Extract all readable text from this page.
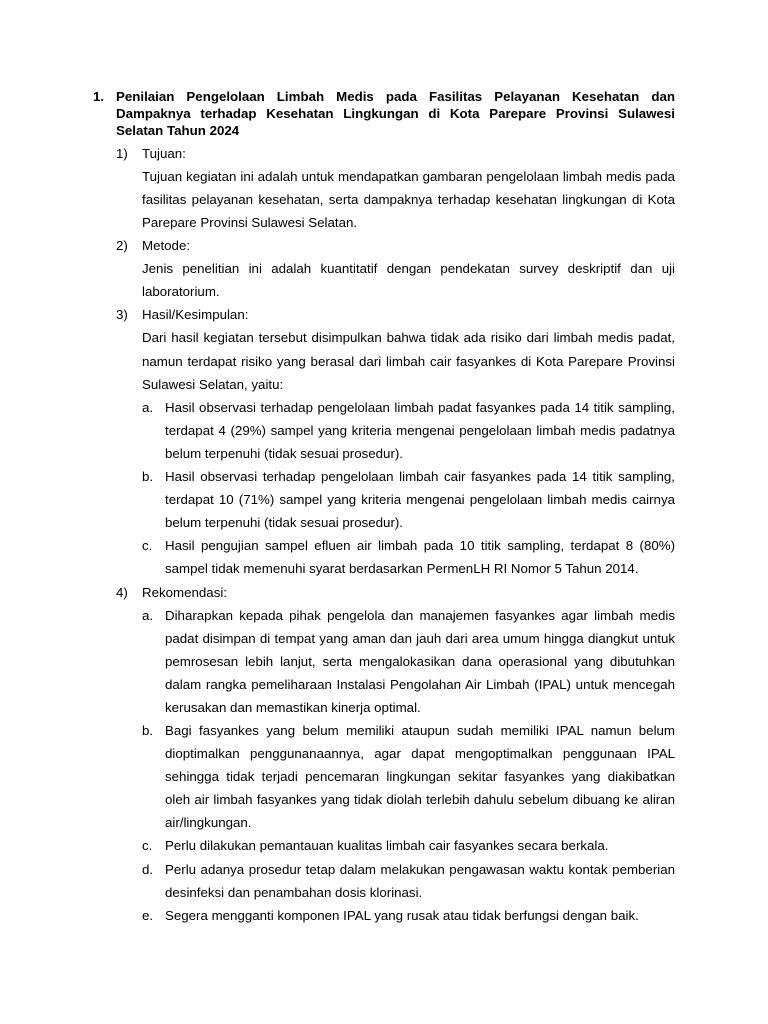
1. Penilaian Pengelolaan Limbah Medis pada Fasilitas Pelayanan Kesehatan dan Dampaknya terhadap Kesehatan Lingkungan di Kota Parepare Provinsi Sulawesi Selatan Tahun 2024
1) Tujuan:
Tujuan kegiatan ini adalah untuk mendapatkan gambaran pengelolaan limbah medis pada fasilitas pelayanan kesehatan, serta dampaknya terhadap kesehatan lingkungan di Kota Parepare Provinsi Sulawesi Selatan.
2) Metode:
Jenis penelitian ini adalah kuantitatif dengan pendekatan survey deskriptif dan uji laboratorium.
3) Hasil/Kesimpulan:
Dari hasil kegiatan tersebut disimpulkan bahwa tidak ada risiko dari limbah medis padat, namun terdapat risiko yang berasal dari limbah cair fasyankes di Kota Parepare Provinsi Sulawesi Selatan, yaitu:
a. Hasil observasi terhadap pengelolaan limbah padat fasyankes pada 14 titik sampling, terdapat 4 (29%) sampel yang kriteria mengenai pengelolaan limbah medis padatnya belum terpenuhi (tidak sesuai prosedur).
b. Hasil observasi terhadap pengelolaan limbah cair fasyankes pada 14 titik sampling, terdapat 10 (71%) sampel yang kriteria mengenai pengelolaan limbah medis cairnya belum terpenuhi (tidak sesuai prosedur).
c. Hasil pengujian sampel efluen air limbah pada 10 titik sampling, terdapat 8 (80%) sampel tidak memenuhi syarat berdasarkan PermenLH RI Nomor 5 Tahun 2014.
4) Rekomendasi:
a. Diharapkan kepada pihak pengelola dan manajemen fasyankes agar limbah medis padat disimpan di tempat yang aman dan jauh dari area umum hingga diangkut untuk pemrosesan lebih lanjut, serta mengalokasikan dana operasional yang dibutuhkan dalam rangka pemeliharaan Instalasi Pengolahan Air Limbah (IPAL) untuk mencegah kerusakan dan memastikan kinerja optimal.
b. Bagi fasyankes yang belum memiliki ataupun sudah memiliki IPAL namun belum dioptimalkan penggunanaannya, agar dapat mengoptimalkan penggunaan IPAL sehingga tidak terjadi pencemaran lingkungan sekitar fasyankes yang diakibatkan oleh air limbah fasyankes yang tidak diolah terlebih dahulu sebelum dibuang ke aliran air/lingkungan.
c. Perlu dilakukan pemantauan kualitas limbah cair fasyankes secara berkala.
d. Perlu adanya prosedur tetap dalam melakukan pengawasan waktu kontak pemberian desinfeksi dan penambahan dosis klorinasi.
e. Segera mengganti komponen IPAL yang rusak atau tidak berfungsi dengan baik.
